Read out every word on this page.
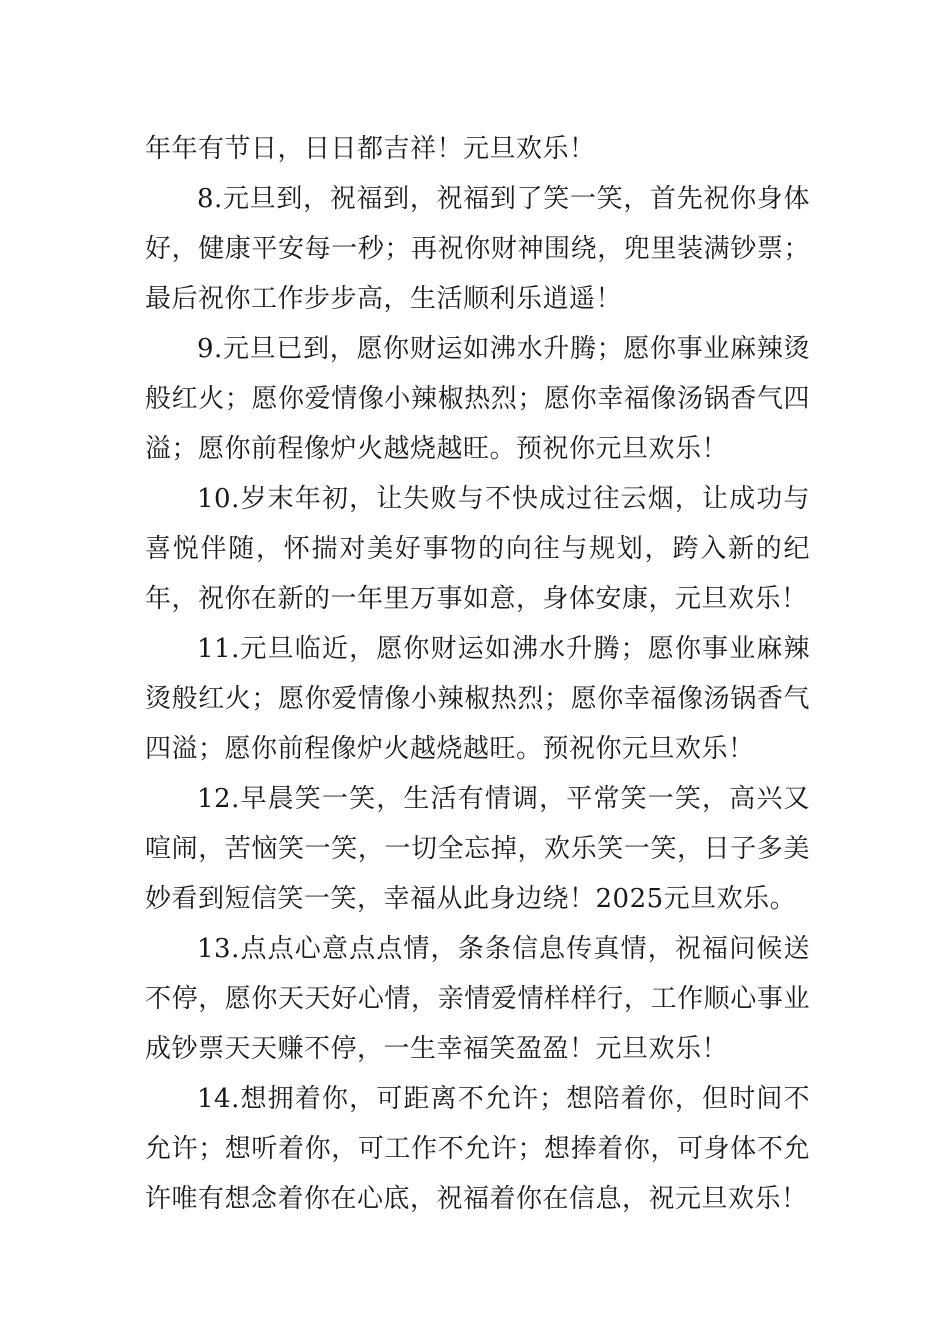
年年有节日，日日都吉祥！元旦欢乐！

8.元旦到，祝福到，祝福到了笑一笑，首先祝你身体好，健康平安每一秒；再祝你财神围绕，兜里装满钞票；最后祝你工作步步高，生活顺利乐逍遥！

9.元旦已到，愿你财运如沸水升腾；愿你事业麻辣烫般红火；愿你爱情像小辣椒热烈；愿你幸福像汤锅香气四溢；愿你前程像炉火越烧越旺。预祝你元旦欢乐！

10.岁末年初，让失败与不快成过往云烟，让成功与喜悦伴随，怀揣对美好事物的向往与规划，跨入新的纪年，祝你在新的一年里万事如意，身体安康，元旦欢乐！

11.元旦临近，愿你财运如沸水升腾；愿你事业麻辣烫般红火；愿你爱情像小辣椒热烈；愿你幸福像汤锅香气四溢；愿你前程像炉火越烧越旺。预祝你元旦欢乐！

12.早晨笑一笑，生活有情调，平常笑一笑，高兴又喧闹，苦恼笑一笑，一切全忘掉，欢乐笑一笑，日子多美妙看到短信笑一笑，幸福从此身边绕！2025元旦欢乐。

13.点点心意点点情，条条信息传真情，祝福问候送不停，愿你天天好心情，亲情爱情样样行，工作顺心事业成钞票天天赚不停，一生幸福笑盈盈！元旦欢乐！

14.想拥着你，可距离不允许；想陪着你，但时间不允许；想听着你，可工作不允许；想捧着你，可身体不允许唯有想念着你在心底，祝福着你在信息，祝元旦欢乐！
